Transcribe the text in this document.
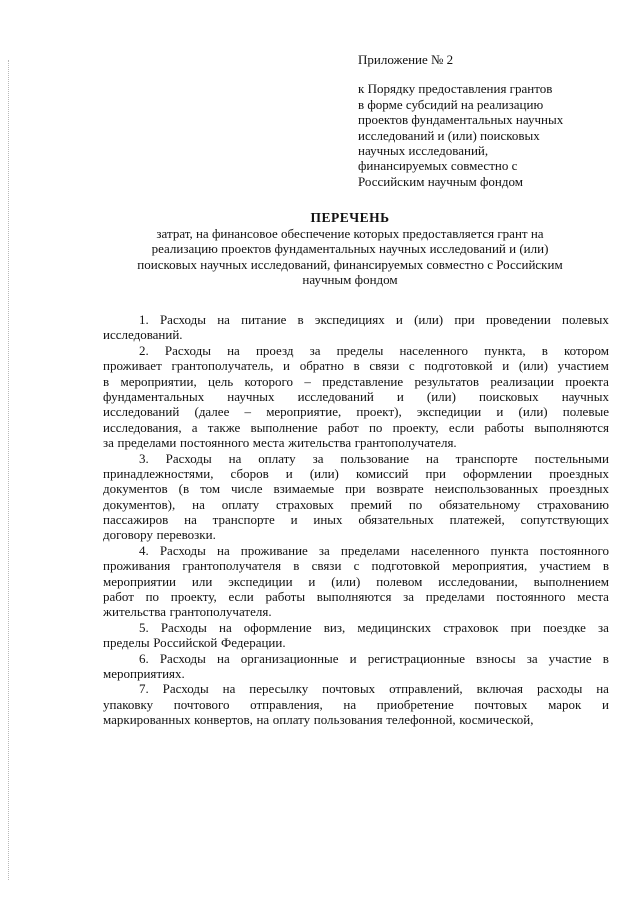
Приложение № 2
к Порядку предоставления грантов
в форме субсидий на реализацию
проектов фундаментальных научных
исследований и (или) поисковых
научных исследований,
финансируемых совместно с
Российским научным фондом
ПЕРЕЧЕНЬ
затрат, на финансовое обеспечение которых предоставляется грант на
реализацию проектов фундаментальных научных исследований и (или)
поисковых научных исследований, финансируемых совместно с Российским
научным фондом
1. Расходы на питание в экспедициях и (или) при проведении полевых
исследований.
2. Расходы на проезд за пределы населенного пункта, в котором
проживает грантополучатель, и обратно в связи с подготовкой и (или) участием
в мероприятии, цель которого – представление результатов реализации проекта
фундаментальных научных исследований и (или) поисковых научных
исследований (далее – мероприятие, проект), экспедиции и (или) полевые
исследования, а также выполнение работ по проекту, если работы выполняются
за пределами постоянного места жительства грантополучателя.
3. Расходы на оплату за пользование на транспорте постельными
принадлежностями, сборов и (или) комиссий при оформлении проездных
документов (в том числе взимаемые при возврате неиспользованных проездных
документов), на оплату страховых премий по обязательному страхованию
пассажиров на транспорте и иных обязательных платежей, сопутствующих
договору перевозки.
4. Расходы на проживание за пределами населенного пункта постоянного
проживания грантополучателя в связи с подготовкой мероприятия, участием в
мероприятии или экспедиции и (или) полевом исследовании, выполнением
работ по проекту, если работы выполняются за пределами постоянного места
жительства грантополучателя.
5. Расходы на оформление виз, медицинских страховок при поездке за
пределы Российской Федерации.
6. Расходы на организационные и регистрационные взносы за участие в
мероприятиях.
7. Расходы на пересылку почтовых отправлений, включая расходы на
упаковку почтового отправления, на приобретение почтовых марок и
маркированных конвертов, на оплату пользования телефонной, космической,
